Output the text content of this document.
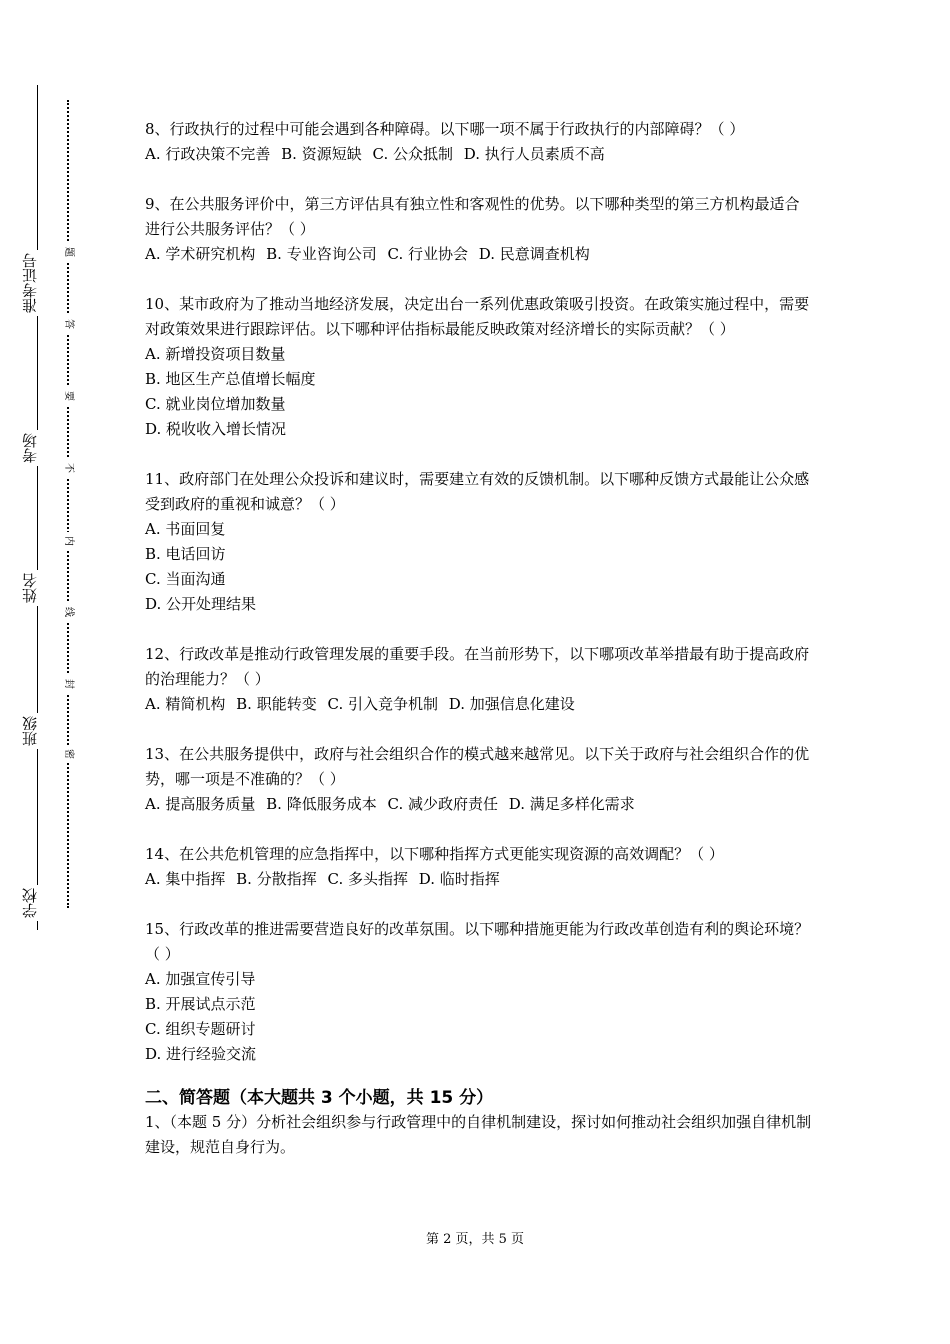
准考证号
考场
姓名
班级
学校
题
答
要
不
内
线
封
密
8、行政执行的过程中可能会遇到各种障碍。以下哪一项不属于行政执行的内部障碍？（ ）
A. 行政决策不完善 B. 资源短缺 C. 公众抵制 D. 执行人员素质不高
9、在公共服务评价中，第三方评估具有独立性和客观性的优势。以下哪种类型的第三方机构最适合进行公共服务评估？（ ）
A. 学术研究机构 B. 专业咨询公司 C. 行业协会 D. 民意调查机构
10、某市政府为了推动当地经济发展，决定出台一系列优惠政策吸引投资。在政策实施过程中，需要对政策效果进行跟踪评估。以下哪种评估指标最能反映政策对经济增长的实际贡献？（ ）
A. 新增投资项目数量
B. 地区生产总值增长幅度
C. 就业岗位增加数量
D. 税收收入增长情况
11、政府部门在处理公众投诉和建议时，需要建立有效的反馈机制。以下哪种反馈方式最能让公众感受到政府的重视和诚意？（ ）
A. 书面回复
B. 电话回访
C. 当面沟通
D. 公开处理结果
12、行政改革是推动行政管理发展的重要手段。在当前形势下，以下哪项改革举措最有助于提高政府的治理能力？（ ）
A. 精简机构 B. 职能转变 C. 引入竞争机制 D. 加强信息化建设
13、在公共服务提供中，政府与社会组织合作的模式越来越常见。以下关于政府与社会组织合作的优势，哪一项是不准确的？（ ）
A. 提高服务质量 B. 降低服务成本 C. 减少政府责任 D. 满足多样化需求
14、在公共危机管理的应急指挥中，以下哪种指挥方式更能实现资源的高效调配？（ ）
A. 集中指挥 B. 分散指挥 C. 多头指挥 D. 临时指挥
15、行政改革的推进需要营造良好的改革氛围。以下哪种措施更能为行政改革创造有利的舆论环境？（ ）
A. 加强宣传引导
B. 开展试点示范
C. 组织专题研讨
D. 进行经验交流
二、简答题（本大题共 3 个小题，共 15 分）
1、（本题 5 分）分析社会组织参与行政管理中的自律机制建设，探讨如何推动社会组织加强自律机制建设，规范自身行为。
第 2 页，共 5 页
